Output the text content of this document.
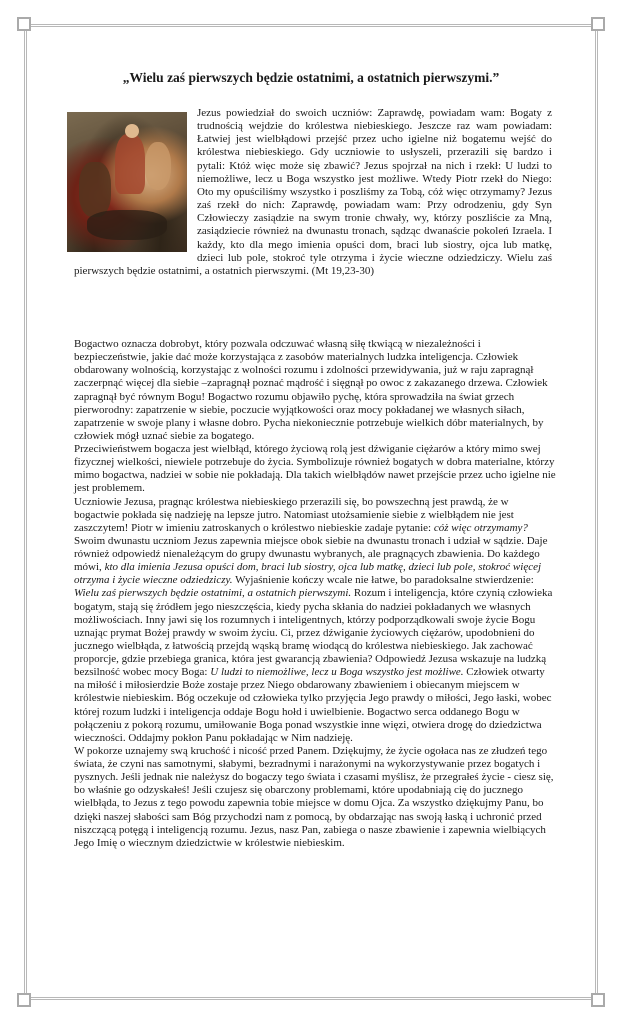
„Wielu zaś pierwszych będzie ostatnimi, a ostatnich pierwszymi.”
Jezus powiedział do swoich uczniów: Zaprawdę, powiadam wam: Bogaty z trudnością wejdzie do królestwa niebieskiego. Jeszcze raz wam powiadam: Łatwiej jest wielbłądowi przejść przez ucho igielne niż bogatemu wejść do królestwa niebieskiego. Gdy uczniowie to usłyszeli, przerazili się bardzo i pytali: Któż więc może się zbawić? Jezus spojrzał na nich i rzekł: U ludzi to niemożliwe, lecz u Boga wszystko jest możliwe. Wtedy Piotr rzekł do Niego: Oto my opuściliśmy wszystko i poszliśmy za Tobą, cóż więc otrzymamy? Jezus zaś rzekł do nich: Zaprawdę, powiadam wam: Przy odrodzeniu, gdy Syn Człowieczy zasiądzie na swym tronie chwały, wy, którzy poszliście za Mną, zasiądziecie również na dwunastu tronach, sądząc dwanaście pokoleń Izraela. I każdy, kto dla mego imienia opuści dom, braci lub siostry, ojca lub matkę, dzieci lub pole, stokroć tyle otrzyma i życie wieczne odziedziczy. Wielu zaś pierwszych będzie ostatnimi, a ostatnich pierwszymi. (Mt 19,23-30)
Bogactwo oznacza dobrobyt, który pozwala odczuwać własną siłę tkwiącą w niezależności i bezpieczeństwie, jakie dać może korzystająca z zasobów materialnych ludzka inteligencja. Człowiek obdarowany wolnością, korzystając z wolności rozumu i zdolności przewidywania, już w raju zapragnął zaczerpnąć więcej dla siebie –zapragnął poznać mądrość i sięgnął po owoc z zakazanego drzewa. Człowiek zapragnął być równym Bogu! Bogactwo rozumu objawiło pychę, która sprowadziła na świat grzech pierworodny: zapatrzenie w siebie, poczucie wyjątkowości oraz mocy pokładanej we własnych siłach, zapatrzenie w swoje plany i własne dobro. Pycha niekoniecznie potrzebuje wielkich dóbr materialnych, by człowiek mógł uznać siebie za bogatego.
Przeciwieństwem bogacza jest wielbłąd, którego życiową rolą jest dźwiganie ciężarów a który mimo swej fizycznej wielkości, niewiele potrzebuje do życia. Symbolizuje również bogatych w dobra materialne, którzy mimo bogactwa, nadziei w sobie nie pokładają. Dla takich wielbłądów nawet przejście przez ucho igielne nie jest problemem.
Uczniowie Jezusa, pragnąc królestwa niebieskiego przerazili się, bo powszechną jest prawdą, że w bogactwie pokłada się nadzieję na lepsze jutro. Natomiast utożsamienie siebie z wielbłądem nie jest zaszczytem! Piotr w imieniu zatroskanych o królestwo niebieskie zadaje pytanie: cóż więc otrzymamy? Swoim dwunastu uczniom Jezus zapewnia miejsce obok siebie na dwunastu tronach i udział w sądzie. Daje również odpowiedź nienależącym do grupy dwunastu wybranych, ale pragnących zbawienia. Do każdego mówi, kto dla imienia Jezusa opuści dom, braci lub siostry, ojca lub matkę, dzieci lub pole, stokroć więcej otrzyma i życie wieczne odziedziczy. Wyjaśnienie kończy wcale nie łatwe, bo paradoksalne stwierdzenie: Wielu zaś pierwszych będzie ostatnimi, a ostatnich pierwszymi. Rozum i inteligencja, które czynią człowieka bogatym, stają się źródłem jego nieszczęścia, kiedy pycha skłania do nadziei pokładanych we własnych możliwościach. Inny jawi się los rozumnych i inteligentnych, którzy podporządkowali swoje życie Bogu uznając prymat Bożej prawdy w swoim życiu. Ci, przez dźwiganie życiowych ciężarów, upodobnieni do jucznego wielbłąda, z łatwością przejdą wąską bramę wiodącą do królestwa niebieskiego. Jak zachować proporcje, gdzie przebiega granica, która jest gwarancją zbawienia? Odpowiedź Jezusa wskazuje na ludzką bezsilność wobec mocy Boga: U ludzi to niemożliwe, lecz u Boga wszystko jest możliwe. Człowiek otwarty na miłość i miłosierdzie Boże zostaje przez Niego obdarowany zbawieniem i obiecanym miejscem w królestwie niebieskim. Bóg oczekuje od człowieka tylko przyjęcia Jego prawdy o miłości, Jego łaski, wobec której rozum ludzki i inteligencja oddaje Bogu hołd i uwielbienie. Bogactwo serca oddanego Bogu w połączeniu z pokorą rozumu, umiłowanie Boga ponad wszystkie inne więzi, otwiera drogę do dziedzictwa wieczności. Oddajmy pokłon Panu pokładając w Nim nadzieję.
W pokorze uznajemy swą kruchość i nicość przed Panem. Dziękujmy, że życie ogołaca nas ze złudzeń tego świata, że czyni nas samotnymi, słabymi, bezradnymi i narażonymi na wykorzystywanie przez bogatych i pysznych. Jeśli jednak nie należysz do bogaczy tego świata i czasami myślisz, że przegrałeś życie - ciesz się, bo właśnie go odzyskałeś! Jeśli czujesz się obarczony problemami, które upodabniają cię do jucznego wielbłąda, to Jezus z tego powodu zapewnia tobie miejsce w domu Ojca. Za wszystko dziękujmy Panu, bo dzięki naszej słabości sam Bóg przychodzi nam z pomocą, by obdarzając nas swoją łaską i uchronić przed niszczącą potęgą i inteligencją rozumu. Jezus, nasz Pan, zabiega o nasze zbawienie i zapewnia wielbiących Jego Imię o wiecznym dziedzictwie w królestwie niebieskim.
